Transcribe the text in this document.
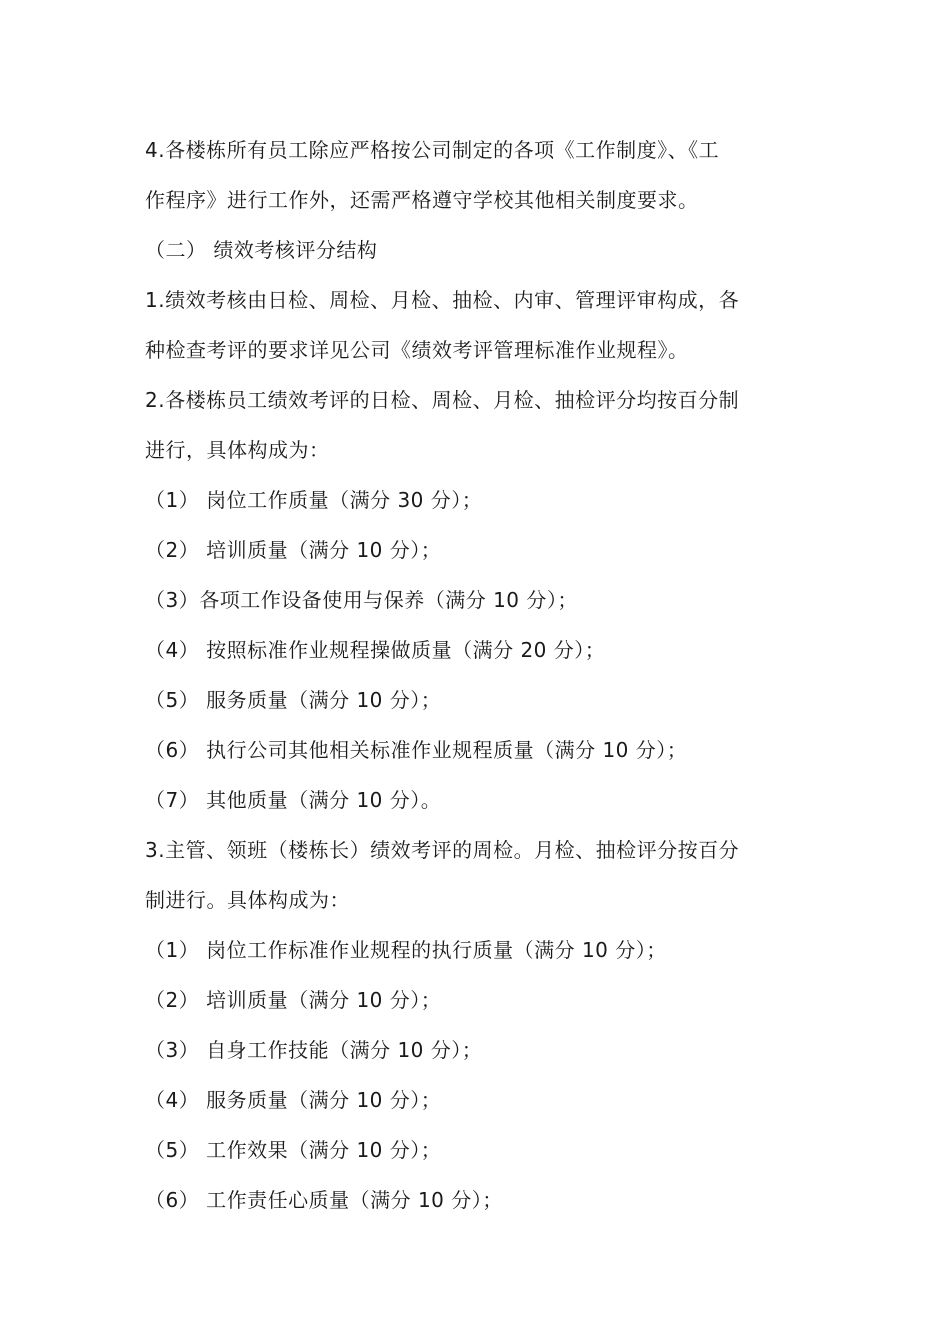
4.各楼栋所有员工除应严格按公司制定的各项《工作制度》、《工
作程序》进行工作外，还需严格遵守学校其他相关制度要求。
（二） 绩效考核评分结构
1.绩效考核由日检、周检、月检、抽检、内审、管理评审构成，各
种检查考评的要求详见公司《绩效考评管理标准作业规程》。
2.各楼栋员工绩效考评的日检、周检、月检、抽检评分均按百分制
进行，具体构成为：
（1） 岗位工作质量（满分 30 分）；
（2） 培训质量（满分 10 分）；
（3）各项工作设备使用与保养（满分 10 分）；
（4） 按照标准作业规程操做质量（满分 20 分）；
（5） 服务质量（满分 10 分）；
（6） 执行公司其他相关标准作业规程质量（满分 10 分）；
（7） 其他质量（满分 10 分）。
3.主管、领班（楼栋长）绩效考评的周检。月检、抽检评分按百分
制进行。具体构成为：
（1） 岗位工作标准作业规程的执行质量（满分 10 分）；
（2） 培训质量（满分 10 分）；
（3） 自身工作技能（满分 10 分）；
（4） 服务质量（满分 10 分）；
（5） 工作效果（满分 10 分）；
（6） 工作责任心质量（满分 10 分）；
